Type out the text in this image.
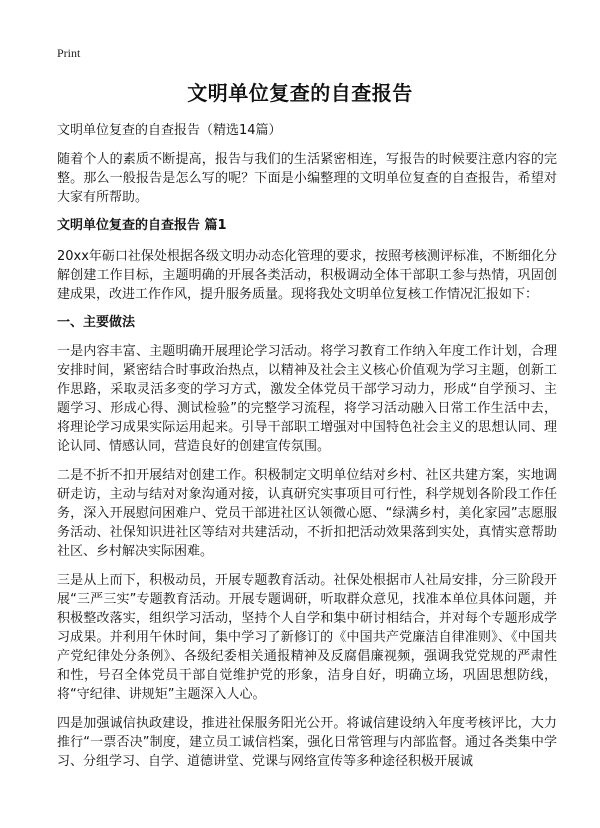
Print
文明单位复查的自查报告
文明单位复查的自查报告（精选14篇）

随着个人的素质不断提高，报告与我们的生活紧密相连，写报告的时候要注意内容的完整。那么一般报告是怎么写的呢？下面是小编整理的文明单位复查的自查报告，希望对大家有所帮助。

文明单位复查的自查报告 篇1

20xx年砺口社保处根据各级文明办动态化管理的要求，按照考核测评标准，不断细化分解创建工作目标，主题明确的开展各类活动，积极调动全体干部职工参与热情，巩固创建成果，改进工作作风，提升服务质量。现将我处文明单位复核工作情况汇报如下：

一、主要做法

一是内容丰富、主题明确开展理论学习活动。将学习教育工作纳入年度工作计划，合理安排时间，紧密结合时事政治热点，以精神及社会主义核心价值观为学习主题，创新工作思路，采取灵活多变的学习方式，激发全体党员干部学习动力，形成“自学预习、主题学习、形成心得、测试检验”的完整学习流程，将学习活动融入日常工作生活中去，将理论学习成果实际运用起来。引导干部职工增强对中国特色社会主义的思想认同、理论认同、情感认同，营造良好的创建宣传氛围。

二是不折不扣开展结对创建工作。积极制定文明单位结对乡村、社区共建方案，实地调研走访，主动与结对对象沟通对接，认真研究实事项目可行性，科学规划各阶段工作任务，深入开展慰问困难户、党员干部进社区认领微心愿、“绿满乡村，美化家园”志愿服务活动、社保知识进社区等结对共建活动，不折扣把活动效果落到实处，真情实意帮助社区、乡村解决实际困难。

三是从上而下，积极动员，开展专题教育活动。社保处根据市人社局安排，分三阶段开展“三严三实”专题教育活动。开展专题调研，听取群众意见，找准本单位具体问题，并积极整改落实，组织学习活动，坚持个人自学和集中研讨相结合，并对每个专题形成学习成果。并利用午休时间，集中学习了新修订的《中国共产党廉洁自律准则》、《中国共产党纪律处分条例》、各级纪委相关通报精神及反腐倡廉视频，强调我党党规的严肃性和性，号召全体党员干部自觉维护党的形象，洁身自好，明确立场，巩固思想防线，将“守纪律、讲规矩”主题深入人心。

四是加强诚信执政建设，推进社保服务阳光公开。将诚信建设纳入年度考核评比，大力推行“一票否决”制度，建立员工诚信档案，强化日常管理与内部监督。通过各类集中学习、分组学习、自学、道德讲堂、党课与网络宣传等多种途径积极开展诚
